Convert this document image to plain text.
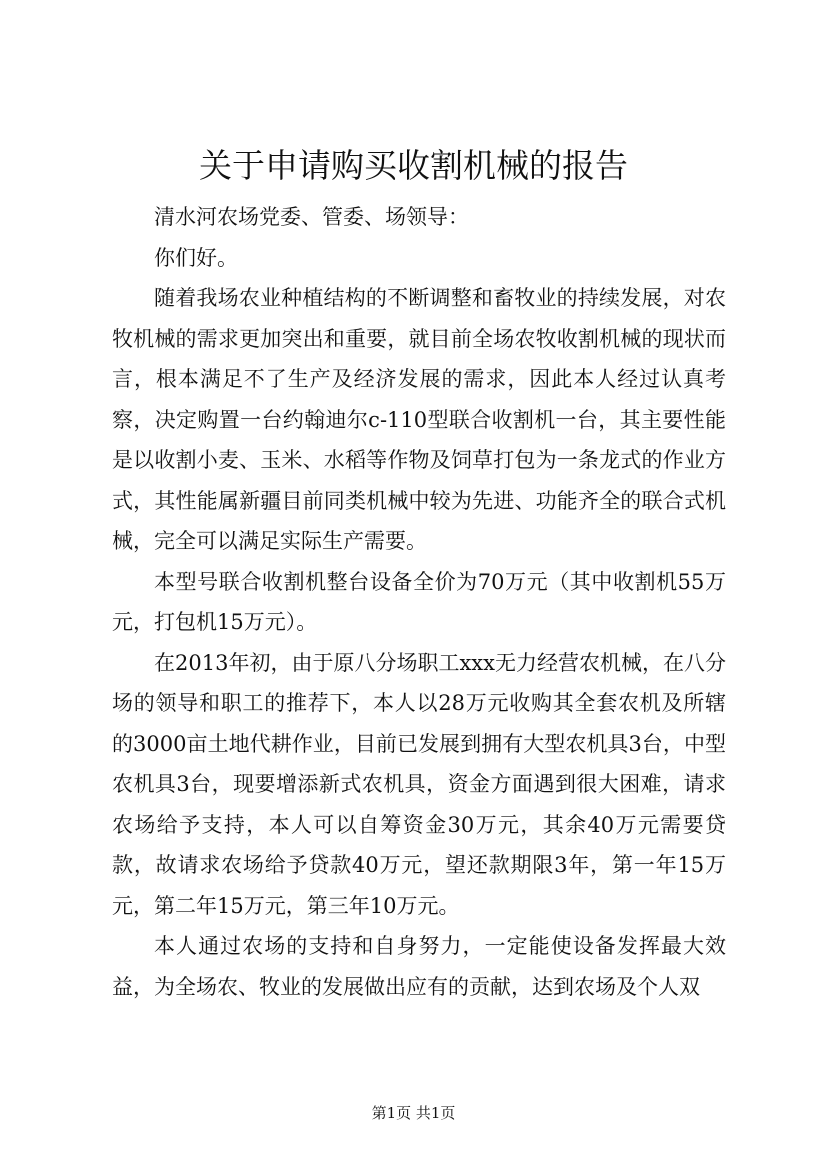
关于申请购买收割机械的报告

清水河农场党委、管委、场领导：

你们好。

随着我场农业种植结构的不断调整和畜牧业的持续发展，对农牧机械的需求更加突出和重要，就目前全场农牧收割机械的现状而言，根本满足不了生产及经济发展的需求，因此本人经过认真考察，决定购置一台约翰迪尔c-110型联合收割机一台，其主要性能是以收割小麦、玉米、水稻等作物及饲草打包为一条龙式的作业方式，其性能属新疆目前同类机械中较为先进、功能齐全的联合式机械，完全可以满足实际生产需要。

本型号联合收割机整台设备全价为70万元（其中收割机55万元，打包机15万元）。

在2013年初，由于原八分场职工xxx无力经营农机械，在八分场的领导和职工的推荐下，本人以28万元收购其全套农机及所辖的3000亩土地代耕作业，目前已发展到拥有大型农机具3台，中型农机具3台，现要增添新式农机具，资金方面遇到很大困难，请求农场给予支持，本人可以自筹资金30万元，其余40万元需要贷款，故请求农场给予贷款40万元，望还款期限3年，第一年15万元，第二年15万元，第三年10万元。

本人通过农场的支持和自身努力，一定能使设备发挥最大效益，为全场农、牧业的发展做出应有的贡献，达到农场及个人双

第1页 共1页
